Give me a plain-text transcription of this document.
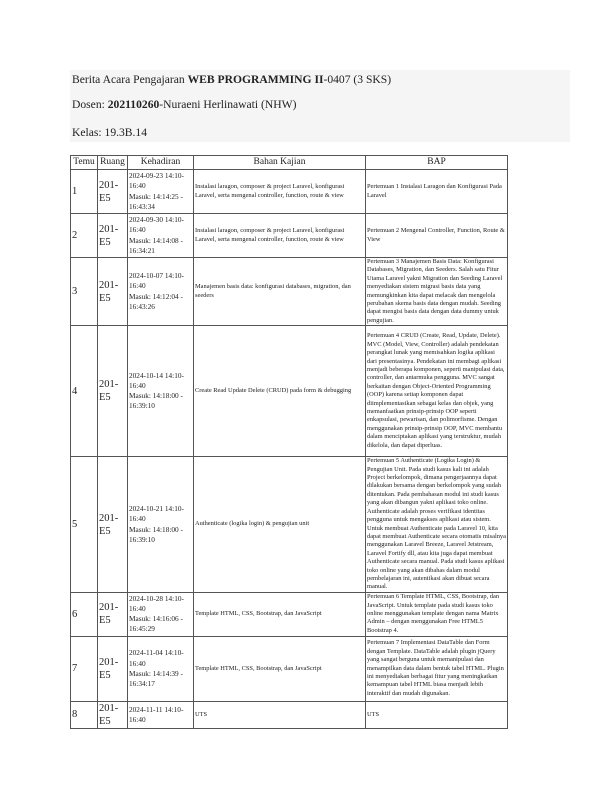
Berita Acara Pengajaran WEB PROGRAMMING II-0407 (3 SKS)
Dosen: 202110260-Nuraeni Herlinawati (NHW)
Kelas: 19.3B.14
Temu	Ruang	Kehadiran	Bahan Kajian	BAP
1	201-E5	2024-09-23 14:10-16:40
Masuk: 14:14:25 - 16:43:34	Instalasi laragon, composer & project Laravel, konfigurasi Laravel, serta mengenal controller, function, route & view	Pertemuan 1 Instalasi Laragon dan Konfigurasi Pada Laravel
2	201-E5	2024-09-30 14:10-16:40
Masuk: 14:14:08 - 16:34:21	Instalasi laragon, composer & project Laravel, konfigurasi Laravel, serta mengenal controller, function, route & view	Pertemuan 2 Mengenal Controller, Function, Route & View
3	201-E5	2024-10-07 14:10-16:40
Masuk: 14:12:04 - 16:43:26	Manajemen basis data: konfigurasi databases, migration, dan seeders	Pertemuan 3 Manajemen Basis Data: Konfigurasi Databases, Migration, dan Seeders. Salah satu Fitur Utama Laravel yakni Migration dan Seeding Laravel menyediakan sistem migrasi basis data yang memungkinkan kita dapat melacak dan mengelola perubahan skema basis data dengan mudah. Seeding dapat mengisi basis data dengan data dummy untuk pengujian.
4	201-E5	2024-10-14 14:10-16:40
Masuk: 14:18:00 - 16:39:10	Create Read Update Delete (CRUD) pada form & debugging	Pertemuan 4 CRUD (Create, Read, Update, Delete). MVC (Model, View, Controller) adalah pendekatan perangkat lunak yang memisahkan logika aplikasi dari presentasinya. Pendekatan ini membagi aplikasi menjadi beberapa komponen, seperti manipulasi data, controller, dan antarmuka pengguna. MVC sangat berkaitan dengan Object-Oriented Programming (OOP) karena setiap komponen dapat diimplementasikan sebagai kelas dan objek, yang memanfaatkan prinsip-prinsip OOP seperti enkapsulasi, pewarisan, dan polimorfisme. Dengan menggunakan prinsip-prinsip OOP, MVC membantu dalam menciptakan aplikasi yang terstruktur, mudah dikelola, dan dapat diperluas.
5	201-E5	2024-10-21 14:10-16:40
Masuk: 14:18:00 - 16:39:10	Authenticate (logika login) & pengujian unit	Pertemuan 5 Authenticate (Logika Login) & Pengujian Unit. Pada studi kasus kali ini adalah Project berkelompok, dimana pengerjaannya dapat dilakukan bersama dengan berkelompok yang sudah ditentukan. Pada pembahasan modul ini studi kasus yang akan dibangun yakni aplikasi toko online. Authenticate adalah proses verifikasi identitas pengguna untuk mengakses aplikasi atau sistem. Untuk membuat Authenticate pada Laravel 10, kita dapat membuat Authenticate secara otomatis misalnya menggunakan Laravel Breeze, Laravel Jetstream, Laravel Fortify dll, atau kita juga dapat membuat Authenticate secara manual. Pada studi kasus aplikasi toko online yang akan dibahas dalam modul pembelajaran ini, autentikasi akan dibuat secara manual.
6	201-E5	2024-10-28 14:10-16:40
Masuk: 14:16:06 - 16:45:29	Template HTML, CSS, Bootstrap, dan JavaScript	Pertemuan 6 Template HTML, CSS, Bootstrap, dan JavaScript. Untuk template pada studi kasus toko online menggunakan template dengan nama Matrix Admin – dengan menggunakan Free HTML5 Bootstrap 4.
7	201-E5	2024-11-04 14:10-16:40
Masuk: 14:14:39 - 16:34:17	Template HTML, CSS, Bootstrap, dan JavaScript	Pertemuan 7 Implementasi DataTable dan Form dengan Template. DataTable adalah plugin jQuery yang sangat berguna untuk memanipulasi dan menampilkan data dalam bentuk tabel HTML. Plugin ini menyediakan berbagai fitur yang meningkatkan kemampuan tabel HTML biasa menjadi lebih interaktif dan mudah digunakan.
8	201-E5	2024-11-11 14:10-16:40	UTS	UTS
